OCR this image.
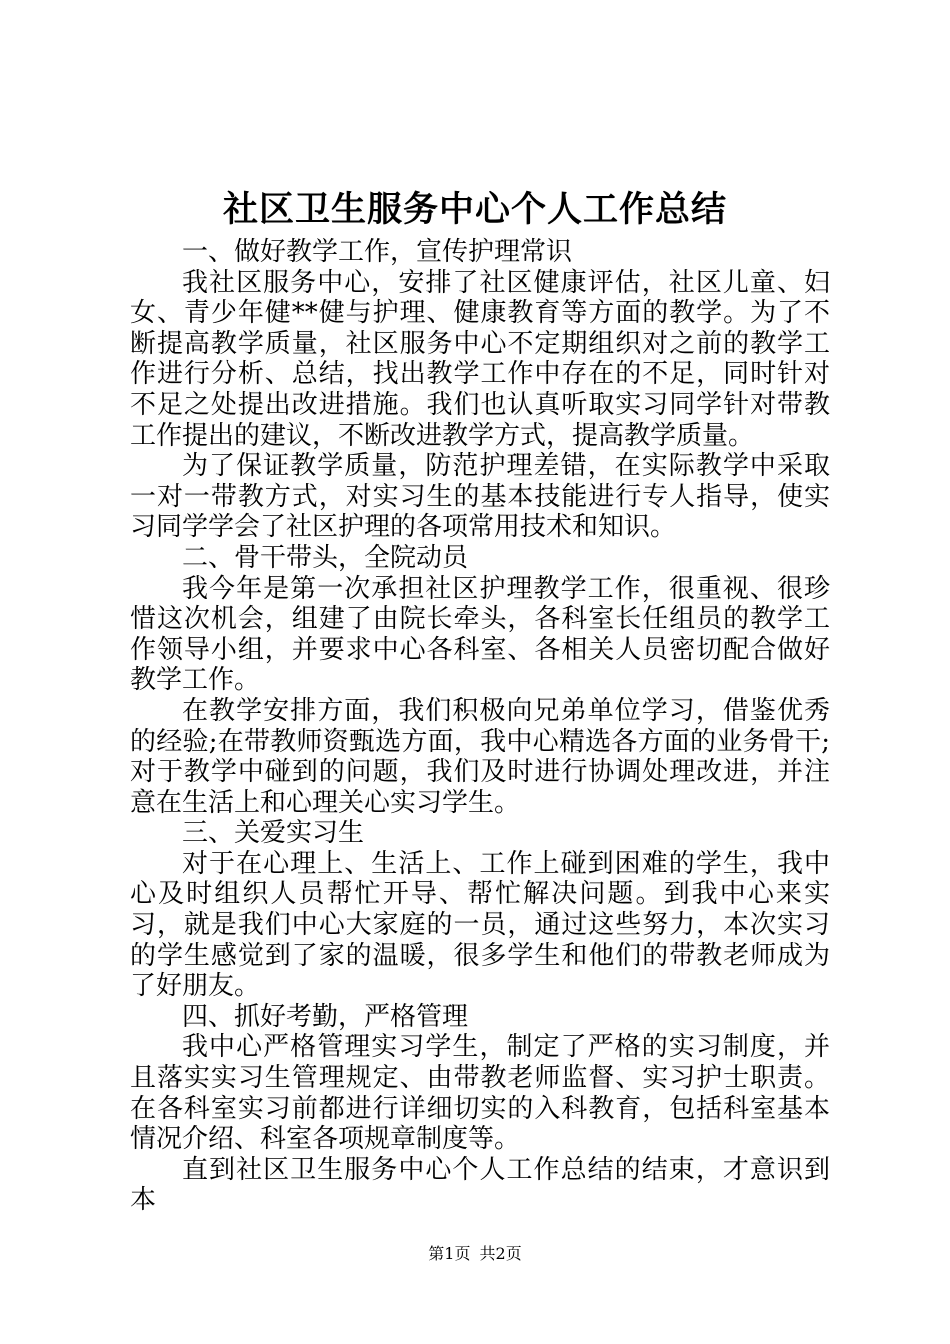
社区卫生服务中心个人工作总结

一、做好教学工作，宣传护理常识

我社区服务中心，安排了社区健康评估，社区儿童、妇女、青少年健**健与护理、健康教育等方面的教学。为了不断提高教学质量，社区服务中心不定期组织对之前的教学工作进行分析、总结，找出教学工作中存在的不足，同时针对不足之处提出改进措施。我们也认真听取实习同学针对带教工作提出的建议，不断改进教学方式，提高教学质量。

为了保证教学质量，防范护理差错，在实际教学中采取一对一带教方式，对实习生的基本技能进行专人指导，使实习同学学会了社区护理的各项常用技术和知识。

二、骨干带头，全院动员

我今年是第一次承担社区护理教学工作，很重视、很珍惜这次机会，组建了由院长牵头，各科室长任组员的教学工作领导小组，并要求中心各科室、各相关人员密切配合做好教学工作。

在教学安排方面，我们积极向兄弟单位学习，借鉴优秀的经验;在带教师资甄选方面，我中心精选各方面的业务骨干;对于教学中碰到的问题，我们及时进行协调处理改进，并注意在生活上和心理关心实习学生。

三、关爱实习生

对于在心理上、生活上、工作上碰到困难的学生，我中心及时组织人员帮忙开导、帮忙解决问题。到我中心来实习，就是我们中心大家庭的一员，通过这些努力，本次实习的学生感觉到了家的温暖，很多学生和他们的带教老师成为了好朋友。

四、抓好考勤，严格管理

我中心严格管理实习学生，制定了严格的实习制度，并且落实实习生管理规定、由带教老师监督、实习护士职责。在各科室实习前都进行详细切实的入科教育，包括科室基本情况介绍、科室各项规章制度等。

直到社区卫生服务中心个人工作总结的结束，才意识到本

第1页 共2页
